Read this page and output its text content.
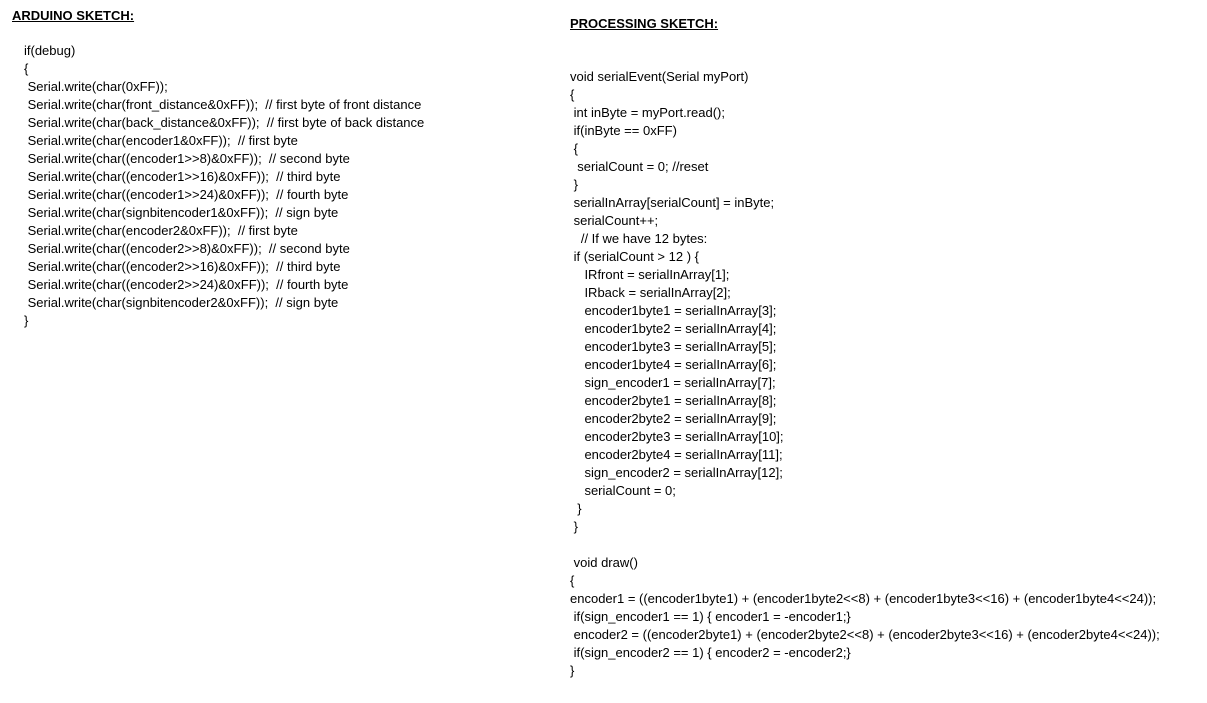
ARDUINO SKETCH:
if(debug)
{
Serial.write(char(0xFF));
Serial.write(char(front_distance&0xFF));  // first byte of front distance
Serial.write(char(back_distance&0xFF));  // first byte of back distance
Serial.write(char(encoder1&0xFF));  // first byte
Serial.write(char((encoder1>>8)&0xFF));  // second byte
Serial.write(char((encoder1>>16)&0xFF));  // third byte
Serial.write(char((encoder1>>24)&0xFF));  // fourth byte
Serial.write(char(signbitencoder1&0xFF));  // sign byte
Serial.write(char(encoder2&0xFF));  // first byte
Serial.write(char((encoder2>>8)&0xFF));  // second byte
Serial.write(char((encoder2>>16)&0xFF));  // third byte
Serial.write(char((encoder2>>24)&0xFF));  // fourth byte
Serial.write(char(signbitencoder2&0xFF));  // sign byte
}
PROCESSING SKETCH:
void serialEvent(Serial myPort)
{
int inByte = myPort.read();
if(inByte == 0xFF)
{
serialCount = 0; //reset
}
serialInArray[serialCount] = inByte;
serialCount++;
// If we have 12 bytes:
if (serialCount > 12 ) {
IRfront = serialInArray[1];
IRback = serialInArray[2];
encoder1byte1 = serialInArray[3];
encoder1byte2 = serialInArray[4];
encoder1byte3 = serialInArray[5];
encoder1byte4 = serialInArray[6];
sign_encoder1 = serialInArray[7];
encoder2byte1 = serialInArray[8];
encoder2byte2 = serialInArray[9];
encoder2byte3 = serialInArray[10];
encoder2byte4 = serialInArray[11];
sign_encoder2 = serialInArray[12];
serialCount = 0;
}
}
void draw()
{
encoder1 = ((encoder1byte1) + (encoder1byte2<<8) + (encoder1byte3<<16) + (encoder1byte4<<24));
if(sign_encoder1 == 1) { encoder1 = -encoder1;}
encoder2 = ((encoder2byte1) + (encoder2byte2<<8) + (encoder2byte3<<16) + (encoder2byte4<<24));
if(sign_encoder2 == 1) { encoder2 = -encoder2;}
}
